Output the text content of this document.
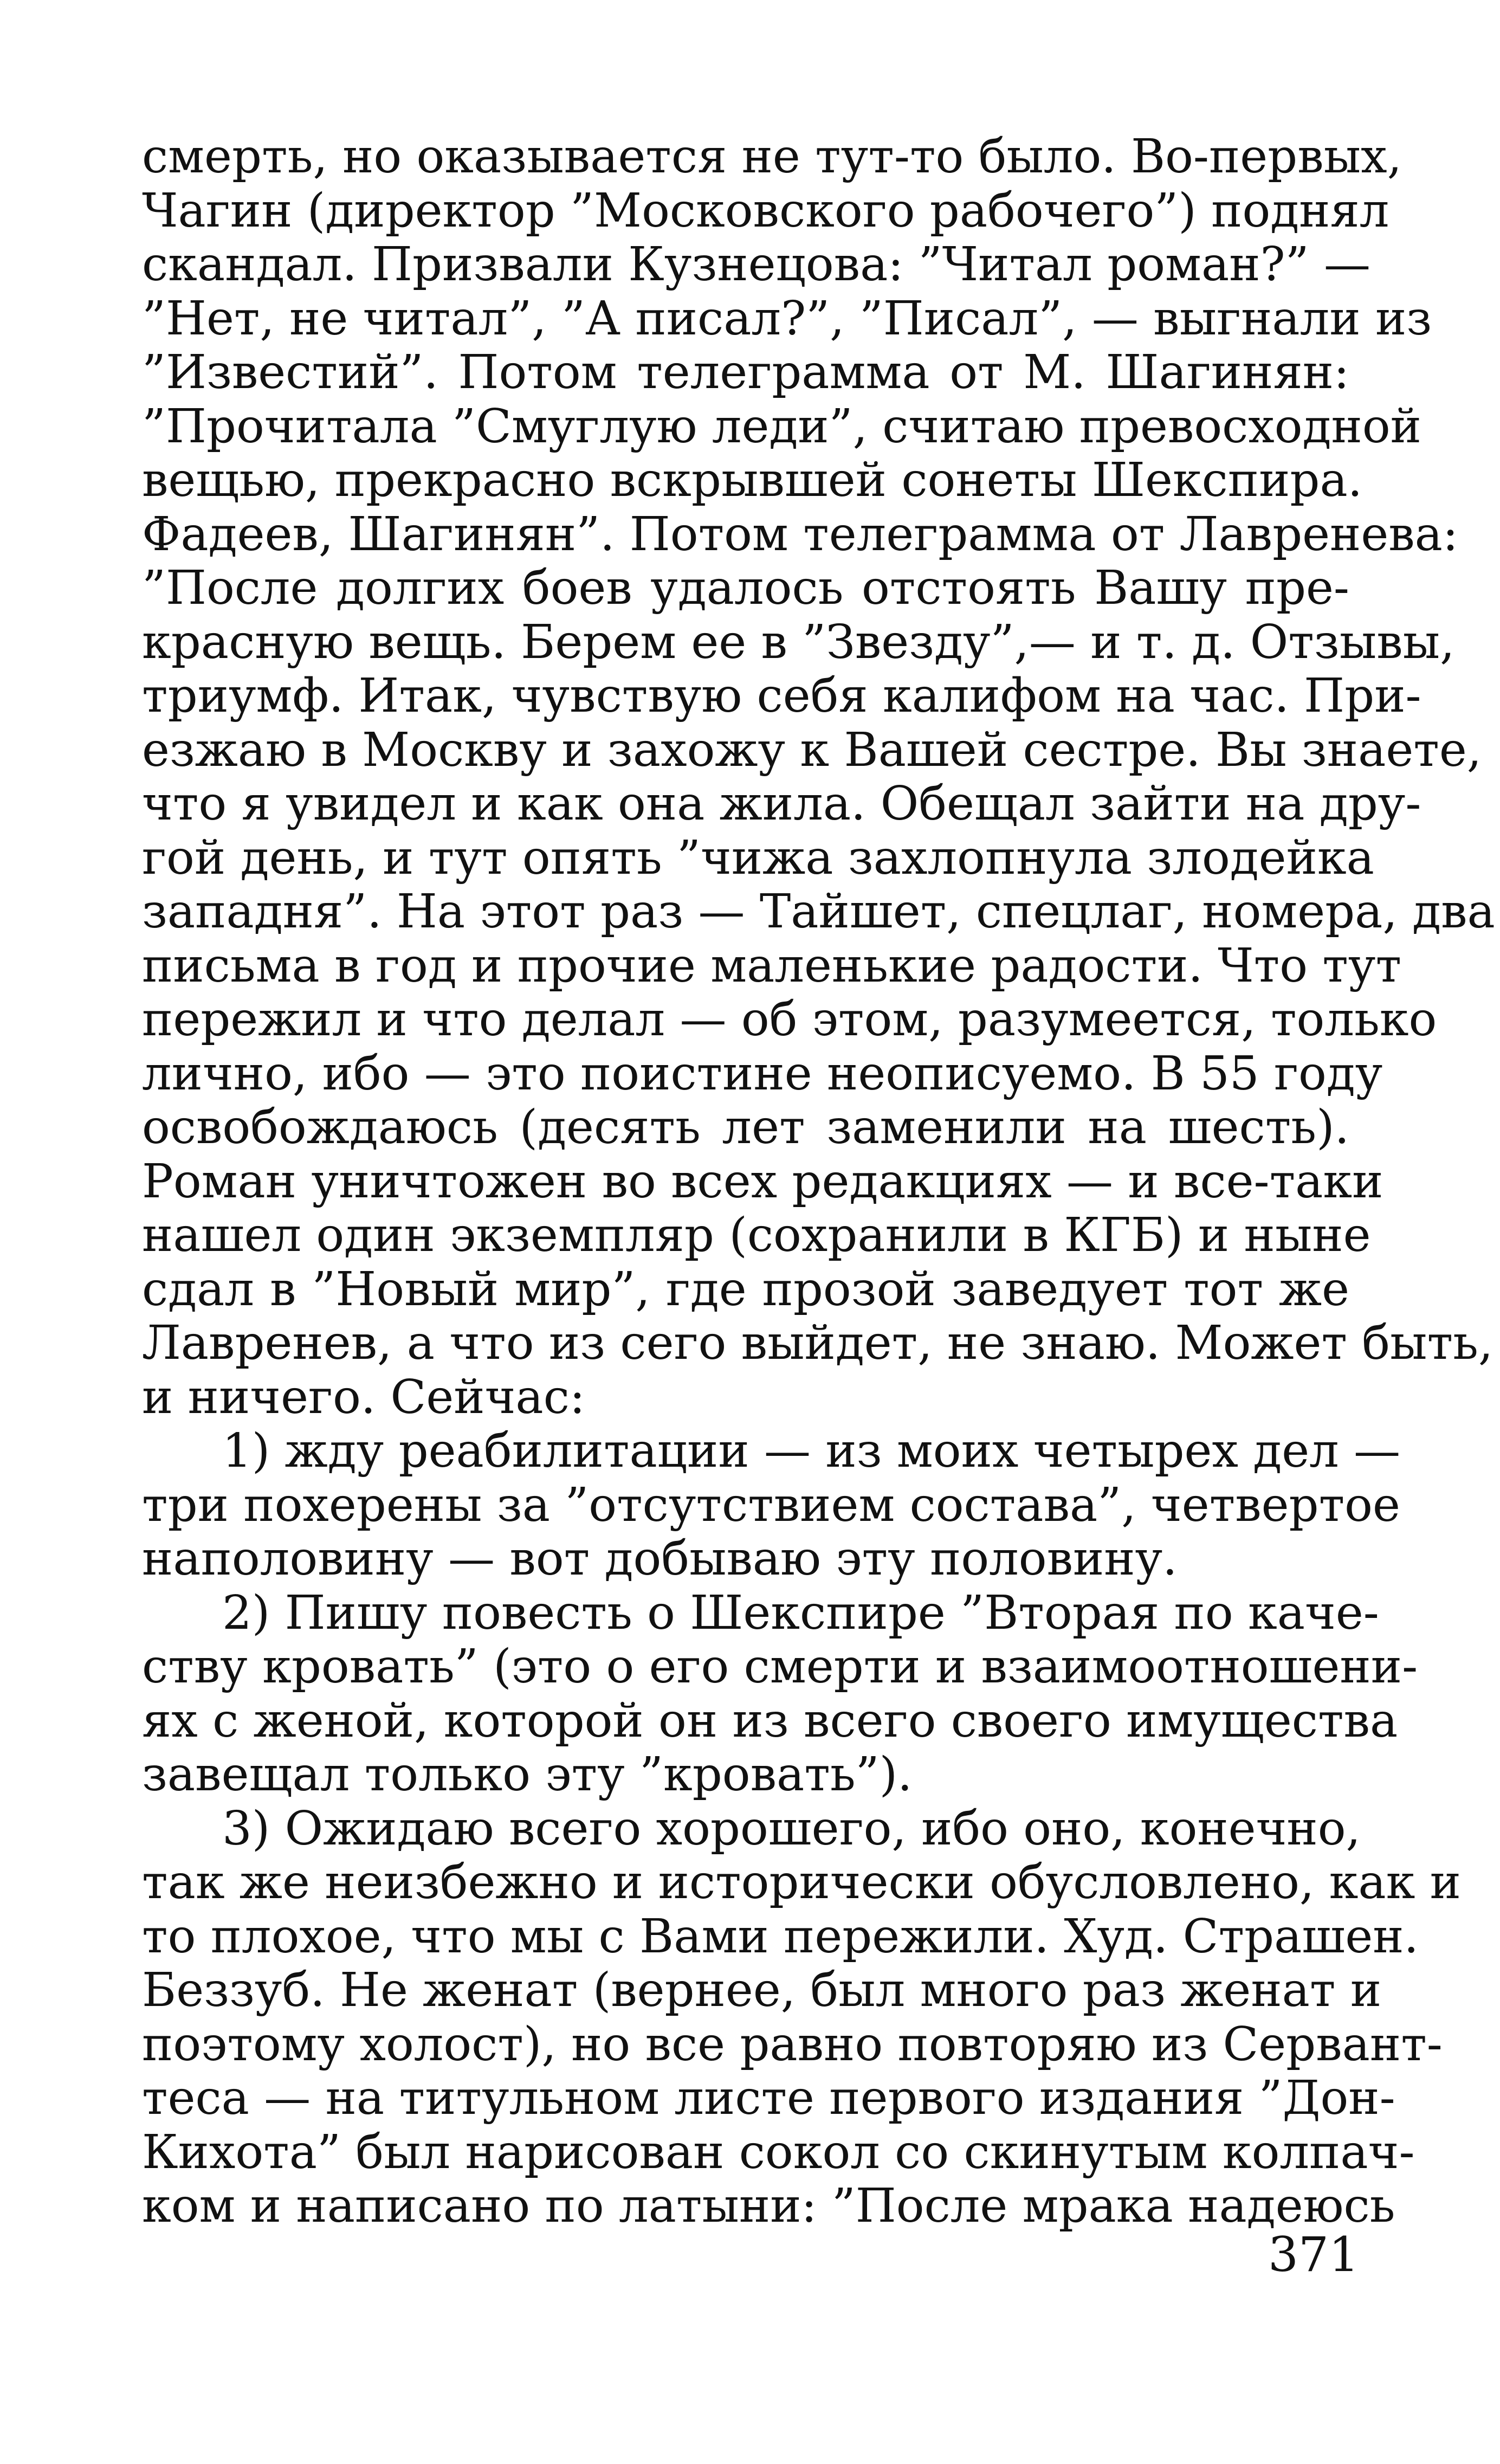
смерть, но оказывается не тут-то было. Во-первых,
Чагин (директор ”Московского рабочего”) поднял
скандал. Призвали Кузнецова: ”Читал роман?” —
”Нет, не читал”, ”А писал?”, ”Писал”, — выгнали из
”Известий”. Потом телеграмма от М. Шагинян:
”Прочитала ”Смуглую леди”, считаю превосходной
вещью, прекрасно вскрывшей сонеты Шекспира.
Фадеев, Шагинян”. Потом телеграмма от Лавренева:
”После долгих боев удалось отстоять Вашу пре-
красную вещь. Берем ее в ”Звезду”,— и т. д. Отзывы,
триумф. Итак, чувствую себя калифом на час. При-
езжаю в Москву и захожу к Вашей сестре. Вы знаете,
что я увидел и как она жила. Обещал зайти на дру-
гой день, и тут опять ”чижа захлопнула злодейка
западня”. На этот раз — Тайшет, спецлаг, номера, два
письма в год и прочие маленькие радости. Что тут
пережил и что делал — об этом, разумеется, только
лично, ибо — это поистине неописуемо. В 55 году
освобождаюсь (десять лет заменили на шесть).
Роман уничтожен во всех редакциях — и все-таки
нашел один экземпляр (сохранили в КГБ) и ныне
сдал в ”Новый мир”, где прозой заведует тот же
Лавренев, а что из сего выйдет, не знаю. Может быть,
и ничего. Сейчас:
1) жду реабилитации — из моих четырех дел —
три похерены за ”отсутствием состава”, четвертое
наполовину — вот добываю эту половину.
2) Пишу повесть о Шекспире ”Вторая по каче-
ству кровать” (это о его смерти и взаимоотношени-
ях с женой, которой он из всего своего имущества
завещал только эту ”кровать”).
3) Ожидаю всего хорошего, ибо оно, конечно,
так же неизбежно и исторически обусловлено, как и
то плохое, что мы с Вами пережили. Худ. Страшен.
Беззуб. Не женат (вернее, был много раз женат и
поэтому холост), но все равно повторяю из Сервант-
теса — на титульном листе первого издания ”Дон-
Кихота” был нарисован сокол со скинутым колпач-
ком и написано по латыни: ”После мрака надеюсь
371
